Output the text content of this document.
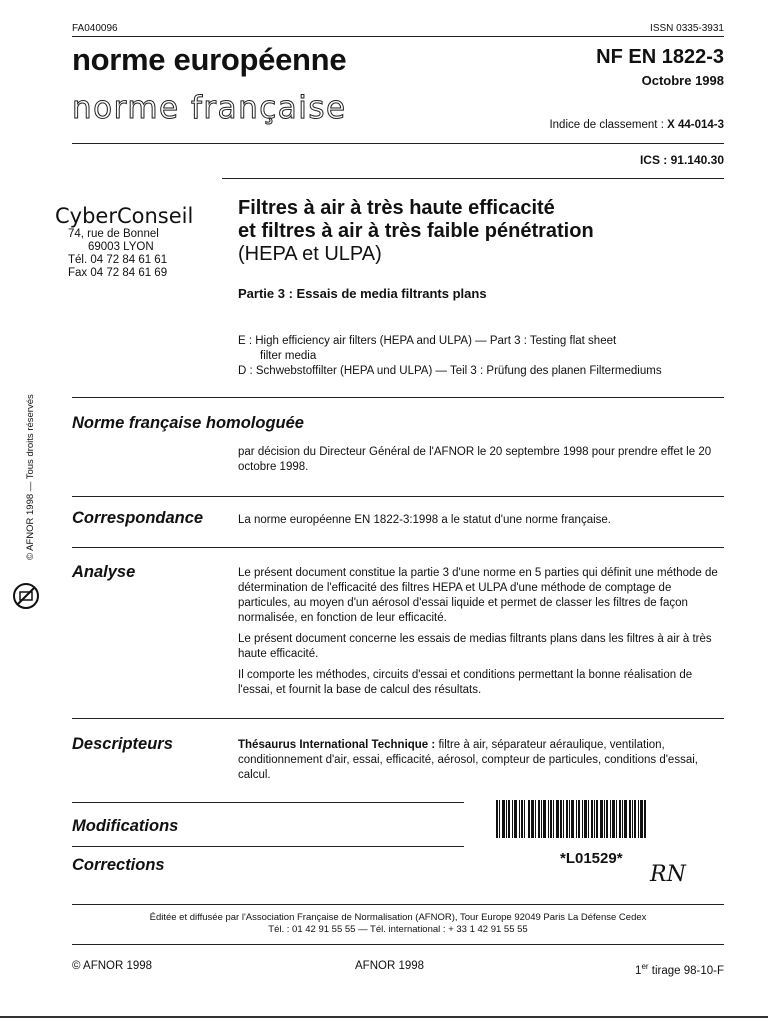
FA040096	ISSN 0335-3931
norme européenne
norme française
NF EN 1822-3
Octobre 1998
Indice de classement : X 44-014-3
ICS : 91.140.30
© AFNOR 1998 — Tous droits réservés
CyberConseil
74, rue de Bonnel
69003 LYON
Tél. 04 72 84 61 61
Fax 04 72 84 61 69
Filtres à air à très haute efficacité
et filtres à air à très faible pénétration
(HEPA et ULPA)
Partie 3 : Essais de media filtrants plans
E : High efficiency air filters (HEPA and ULPA) — Part 3 : Testing flat sheet
filter media
D : Schwebstoffilter (HEPA und ULPA) — Teil 3 : Prüfung des planen Filtermediums
Norme française homologuée
par décision du Directeur Général de l'AFNOR le 20 septembre 1998 pour prendre effet le 20 octobre 1998.
Correspondance	La norme européenne EN 1822-3:1998 a le statut d'une norme française.
Analyse	Le présent document constitue la partie 3 d'une norme en 5 parties qui définit une méthode de détermination de l'efficacité des filtres HEPA et ULPA d'une méthode de comptage de particules, au moyen d'un aérosol d'essai liquide et permet de classer les filtres de façon normalisée, en fonction de leur efficacité.

Le présent document concerne les essais de medias filtrants plans dans les filtres à air à très haute efficacité.

Il comporte les méthodes, circuits d'essai et conditions permettant la bonne réalisation de l'essai, et fournit la base de calcul des résultats.

Descripteurs	Thésaurus International Technique : filtre à air, séparateur aéraulique, ventilation, conditionnement d'air, essai, efficacité, aérosol, compteur de particules, conditions d'essai, calcul.
Modifications
Corrections	*L01529*
RN
Éditée et diffusée par l'Association Française de Normalisation (AFNOR), Tour Europe 92049 Paris La Défense Cedex
Tél. : 01 42 91 55 55 — Tél. international : + 33 1 42 91 55 55
© AFNOR 1998	AFNOR 1998	1er tirage 98-10-F
